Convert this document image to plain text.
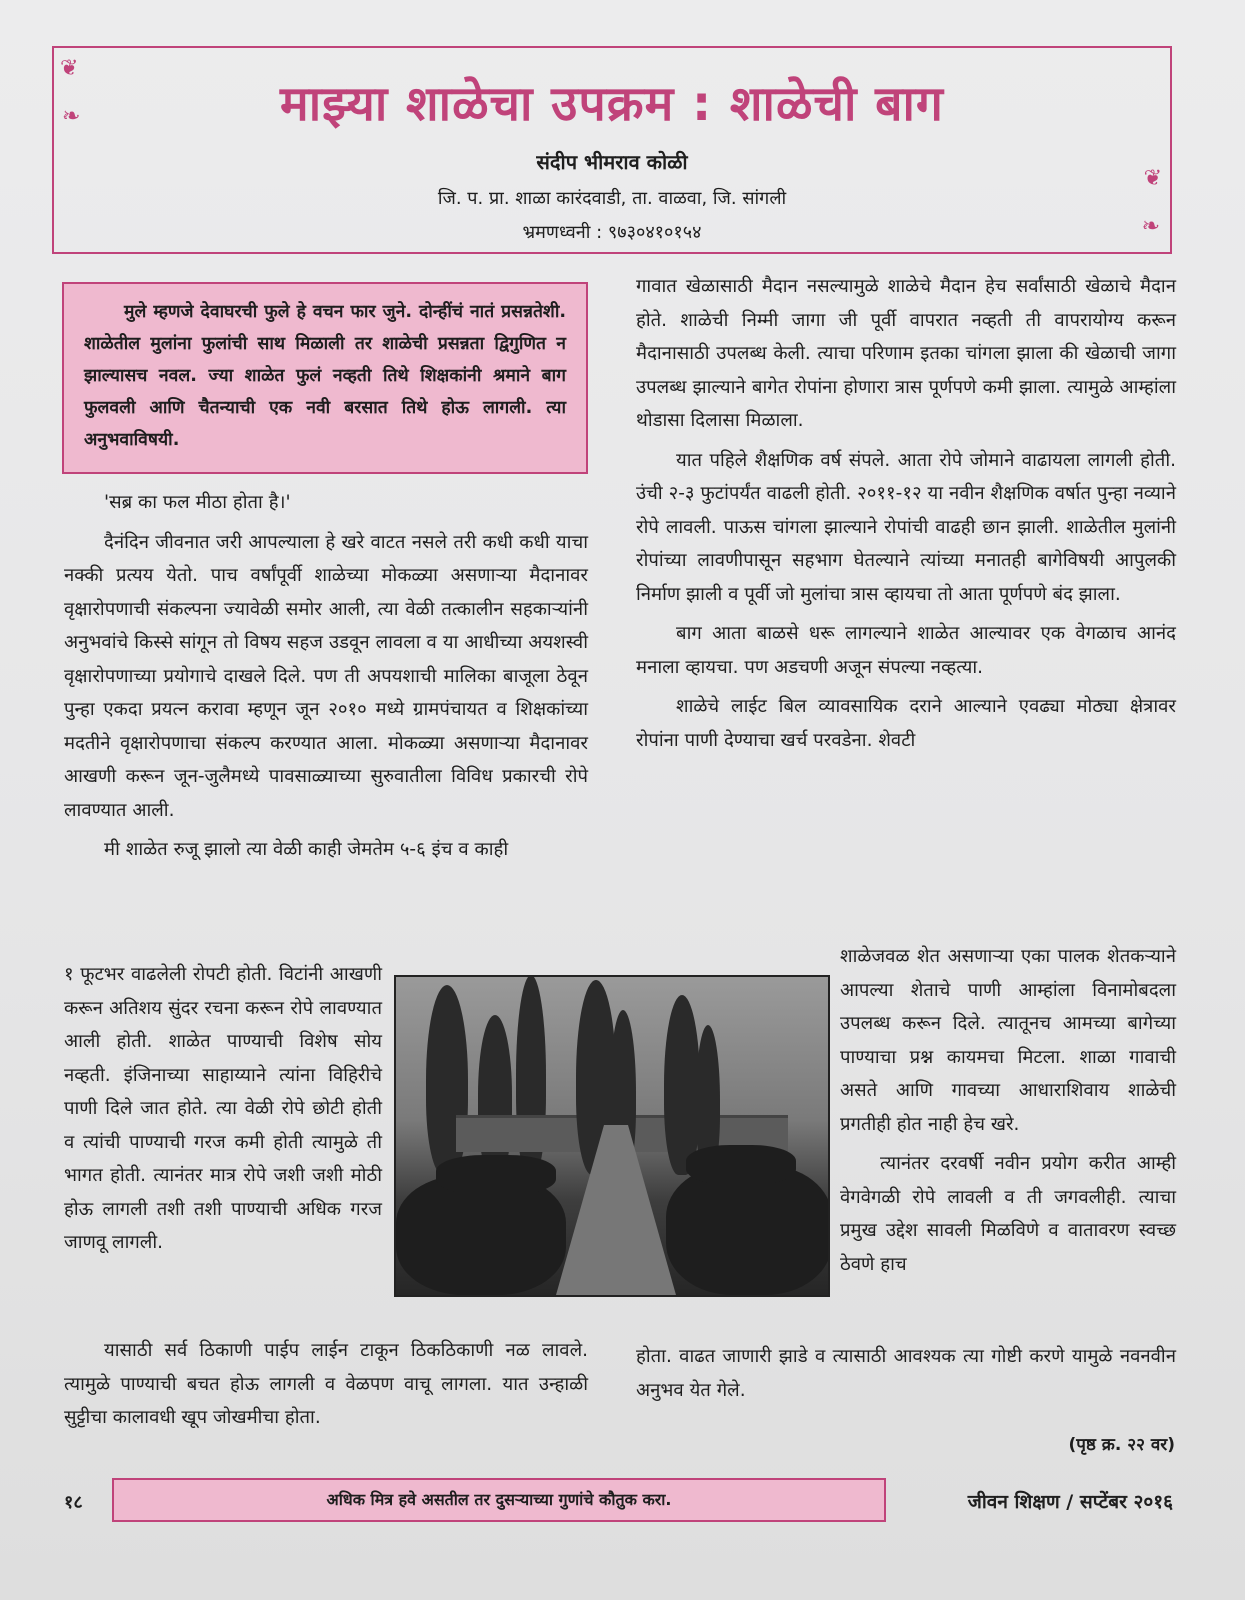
❦
❧
❦
❧
माझ्या शाळेचा उपक्रम : शाळेची बाग
संदीप भीमराव कोळी
जि. प. प्रा. शाळा कारंदवाडी, ता. वाळवा, जि. सांगली
भ्रमणध्वनी : ९७३०४१०१५४
मुले म्हणजे देवाघरची फुले हे वचन फार जुने. दोन्हींचं नातं प्रसन्नतेशी. शाळेतील मुलांना फुलांची साथ मिळाली तर शाळेची प्रसन्नता द्विगुणित न झाल्यासच नवल. ज्या शाळेत फुलं नव्हती तिथे शिक्षकांनी श्रमाने बाग फुलवली आणि चैतन्याची एक नवी बरसात तिथे होऊ लागली. त्या अनुभवाविषयी.

'सब्र का फल मीठा होता है।'

दैनंदिन जीवनात जरी आपल्याला हे खरे वाटत नसले तरी कधी कधी याचा नक्की प्रत्यय येतो. पाच वर्षांपूर्वी शाळेच्या मोकळ्या असणाऱ्या मैदानावर वृक्षारोपणाची संकल्पना ज्यावेळी समोर आली, त्या वेळी तत्कालीन सहकाऱ्यांनी अनुभवांचे किस्से सांगून तो विषय सहज उडवून लावला व या आधीच्या अयशस्वी वृक्षारोपणाच्या प्रयोगाचे दाखले दिले. पण ती अपयशाची मालिका बाजूला ठेवून पुन्हा एकदा प्रयत्न करावा म्हणून जून २०१० मध्ये ग्रामपंचायत व शिक्षकांच्या मदतीने वृक्षारोपणाचा संकल्प करण्यात आला. मोकळ्या असणाऱ्या मैदानावर आखणी करून जून-जुलैमध्ये पावसाळ्याच्या सुरुवातीला विविध प्रकारची रोपे लावण्यात आली.

मी शाळेत रुजू झालो त्या वेळी काही जेमतेम ५-६ इंच व काही

१ फूटभर वाढलेली रोपटी होती. विटांनी आखणी करून अतिशय सुंदर रचना करून रोपे लावण्यात आली होती. शाळेत पाण्याची विशेष सोय नव्हती. इंजिनाच्या साहाय्याने त्यांना विहिरीचे पाणी दिले जात होते. त्या वेळी रोपे छोटी होती व त्यांची पाण्याची गरज कमी होती त्यामुळे ती भागत होती. त्यानंतर मात्र रोपे जशी जशी मोठी होऊ लागली तशी तशी पाण्याची अधिक गरज जाणवू लागली.

यासाठी सर्व ठिकाणी पाईप लाईन टाकून ठिकठिकाणी नळ लावले. त्यामुळे पाण्याची बचत होऊ लागली व वेळपण वाचू लागला. यात उन्हाळी सुट्टीचा कालावधी खूप जोखमीचा होता.

गावात खेळासाठी मैदान नसल्यामुळे शाळेचे मैदान हेच सर्वांसाठी खेळाचे मैदान होते. शाळेची निम्मी जागा जी पूर्वी वापरात नव्हती ती वापरायोग्य करून मैदानासाठी उपलब्ध केली. त्याचा परिणाम इतका चांगला झाला की खेळाची जागा उपलब्ध झाल्याने बागेत रोपांना होणारा त्रास पूर्णपणे कमी झाला. त्यामुळे आम्हांला थोडासा दिलासा मिळाला.

यात पहिले शैक्षणिक वर्ष संपले. आता रोपे जोमाने वाढायला लागली होती. उंची २-३ फुटांपर्यंत वाढली होती. २०११-१२ या नवीन शैक्षणिक वर्षात पुन्हा नव्याने रोपे लावली. पाऊस चांगला झाल्याने रोपांची वाढही छान झाली. शाळेतील मुलांनी रोपांच्या लावणीपासून सहभाग घेतल्याने त्यांच्या मनातही बागेविषयी आपुलकी निर्माण झाली व पूर्वी जो मुलांचा त्रास व्हायचा तो आता पूर्णपणे बंद झाला.

बाग आता बाळसे धरू लागल्याने शाळेत आल्यावर एक वेगळाच आनंद मनाला व्हायचा. पण अडचणी अजून संपल्या नव्हत्या.

शाळेचे लाईट बिल व्यावसायिक दराने आल्याने एवढ्या मोठ्या क्षेत्रावर रोपांना पाणी देण्याचा खर्च परवडेना. शेवटी

शाळेजवळ शेत असणाऱ्या एका पालक शेतकऱ्याने आपल्या शेताचे पाणी आम्हांला विनामोबदला उपलब्ध करून दिले. त्यातूनच आमच्या बागेच्या पाण्याचा प्रश्न कायमचा मिटला. शाळा गावाची असते आणि गावच्या आधाराशिवाय शाळेची प्रगतीही होत नाही हेच खरे.

त्यानंतर दरवर्षी नवीन प्रयोग करीत आम्ही वेगवेगळी रोपे लावली व ती जगवलीही. त्याचा प्रमुख उद्देश सावली मिळविणे व वातावरण स्वच्छ ठेवणे हाच

होता. वाढत जाणारी झाडे व त्यासाठी आवश्यक त्या गोष्टी करणे यामुळे नवनवीन अनुभव येत गेले.

(पृष्ठ क्र. २२ वर)
१८	अधिक मित्र हवे असतील तर दुसऱ्याच्या गुणांचे कौतुक करा.	जीवन शिक्षण / सप्टेंबर २०१६
